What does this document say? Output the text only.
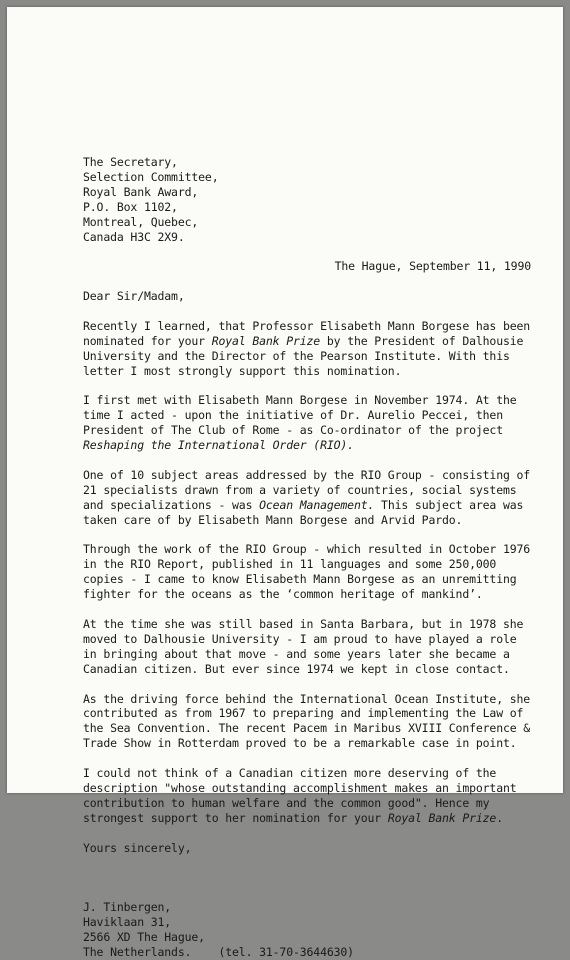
The Secretary,
Selection Committee,
Royal Bank Award,
P.O. Box 1102,
Montreal, Quebec,
Canada H3C 2X9.
The Hague, September 11, 1990
Dear Sir/Madam,
Recently I learned, that Professor Elisabeth Mann Borgese has been
nominated for your Royal Bank Prize by the President of Dalhousie
University and the Director of the Pearson Institute. With this
letter I most strongly support this nomination.
I first met with Elisabeth Mann Borgese in November 1974. At the
time I acted - upon the initiative of Dr. Aurelio Peccei, then
President of The Club of Rome - as Co-ordinator of the project
Reshaping the International Order (RIO).
One of 10 subject areas addressed by the RIO Group - consisting of
21 specialists drawn from a variety of countries, social systems
and specializations - was Ocean Management. This subject area was
taken care of by Elisabeth Mann Borgese and Arvid Pardo.
Through the work of the RIO Group - which resulted in October 1976
in the RIO Report, published in 11 languages and some 250,000
copies - I came to know Elisabeth Mann Borgese as an unremitting
fighter for the oceans as the ‘common heritage of mankind’.
At the time she was still based in Santa Barbara, but in 1978 she
moved to Dalhousie University - I am proud to have played a role
in bringing about that move - and some years later she became a
Canadian citizen. But ever since 1974 we kept in close contact.
As the driving force behind the International Ocean Institute, she
contributed as from 1967 to preparing and implementing the Law of
the Sea Convention. The recent Pacem in Maribus XVIII Conference &
Trade Show in Rotterdam proved to be a remarkable case in point.
I could not think of a Canadian citizen more deserving of the
description "whose outstanding accomplishment makes an important
contribution to human welfare and the common good". Hence my
strongest support to her nomination for your Royal Bank Prize.
Yours sincerely,
J. Tinbergen,
Haviklaan 31,
2566 XD The Hague,
The Netherlands.    (tel. 31-70-3644630)
